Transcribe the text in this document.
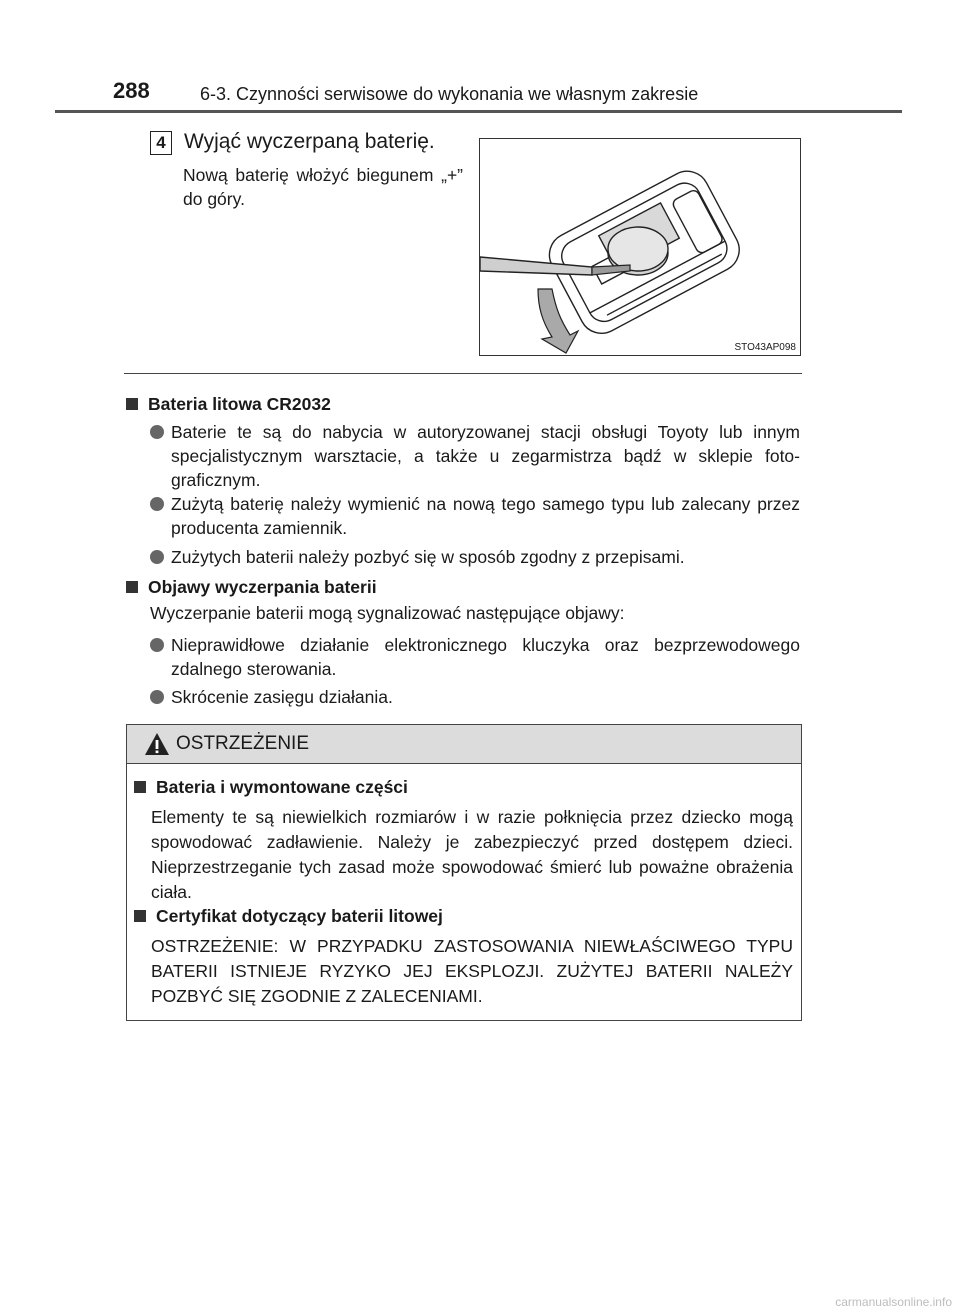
288	6-3. Czynności serwisowe do wykonania we własnym zakresie
4 Wyjąć wyczerpaną baterię.
Nową baterię włożyć biegunem „+” do góry.
STO43AP098
Bateria litowa CR2032
Baterie te są do nabycia w autoryzowanej stacji obsługi Toyoty lub innym specjalistycznym warsztacie, a także u zegarmistrza bądź w sklepie foto-graficznym.
Zużytą baterię należy wymienić na nową tego samego typu lub zalecany przez producenta zamiennik.
Zużytych baterii należy pozbyć się w sposób zgodny z przepisami.
Objawy wyczerpania baterii
Wyczerpanie baterii mogą sygnalizować następujące objawy:
Nieprawidłowe działanie elektronicznego kluczyka oraz bezprzewodowego zdalnego sterowania.
Skrócenie zasięgu działania.
OSTRZEŻENIE
Bateria i wymontowane części
Elementy te są niewielkich rozmiarów i w razie połknięcia przez dziecko mogą spowodować zadławienie. Należy je zabezpieczyć przed dostępem dzieci. Nieprzestrzeganie tych zasad może spowodować śmierć lub poważne obrażenia ciała.
Certyfikat dotyczący baterii litowej
OSTRZEŻENIE: W PRZYPADKU ZASTOSOWANIA NIEWŁAŚCIWEGO TYPU BATERII ISTNIEJE RYZYKO JEJ EKSPLOZJI. ZUŻYTEJ BATERII NALEŻY POZBYĆ SIĘ ZGODNIE Z ZALECENIAMI.
carmanualsonline.info
